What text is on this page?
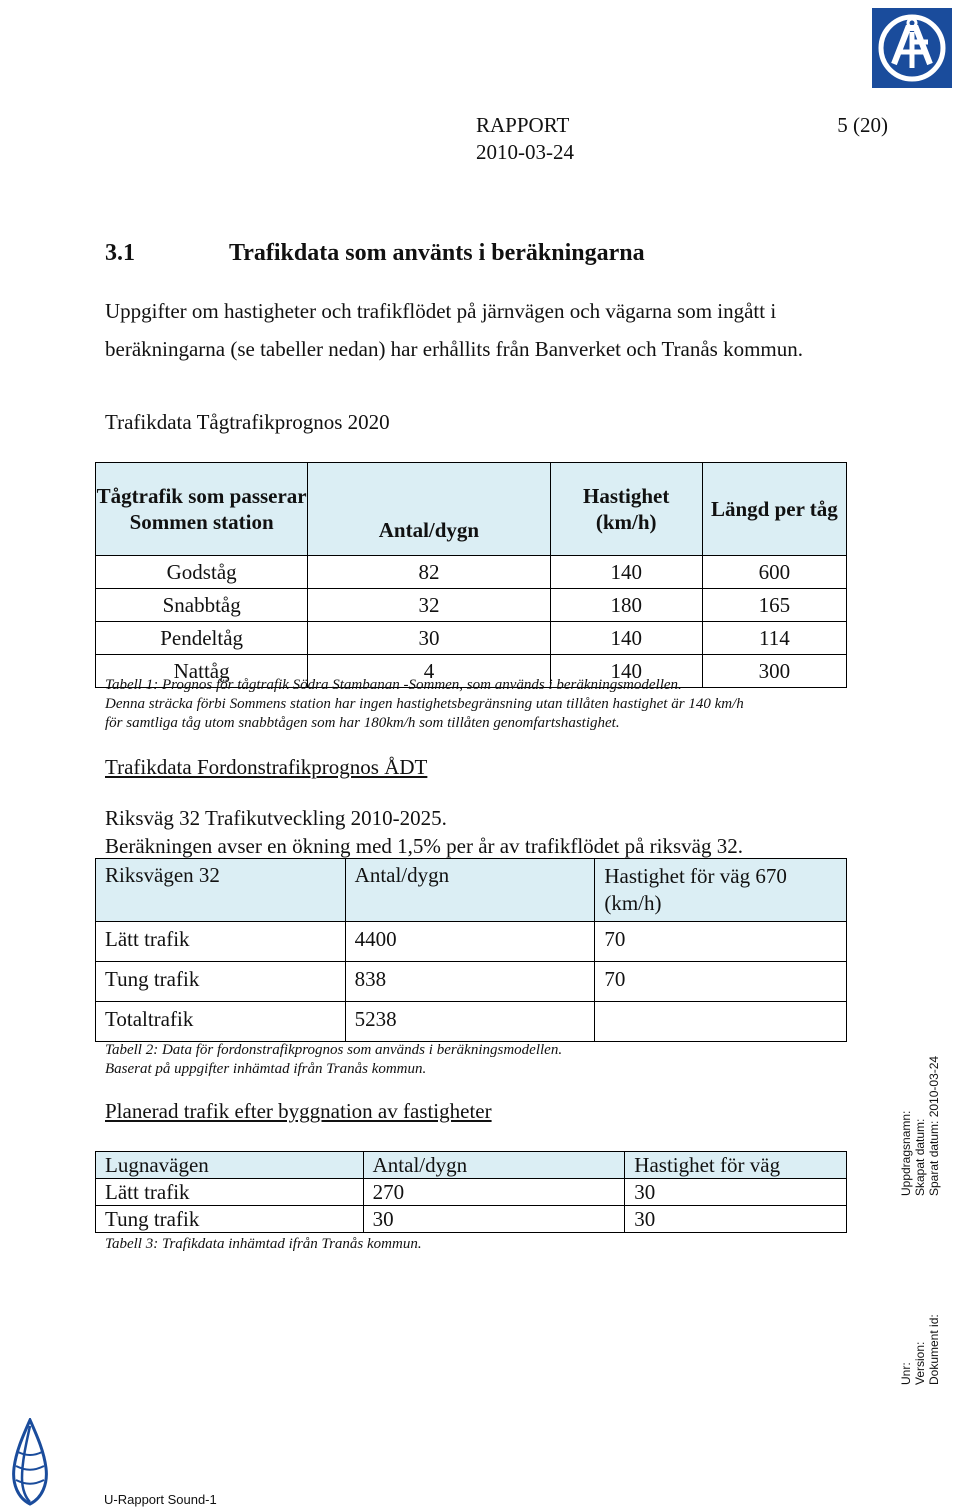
RAPPORT	5 (20)
2010-03-24
3.1	Trafikdata som använts i beräkningarna

Uppgifter om hastigheter och trafikflödet på järnvägen och vägarna som ingått i beräkningarna (se tabeller nedan) har erhållits från Banverket och Tranås kommun.

Trafikdata Tågtrafikprognos 2020
Tågtrafik som passerar Sommen station	Antal/dygn	Hastighet (km/h)	Längd per tåg
Godståg	82	140	600
Snabbtåg	32	180	165
Pendeltåg	30	140	114
Nattåg	4	140	300
Tabell 1: Prognos för tågtrafik Södra Stambanan -Sommen, som används i beräkningsmodellen.
Denna sträcka förbi Sommens station har ingen hastighetsbegränsning utan tillåten hastighet är 140 km/h
för samtliga tåg utom snabbtågen som har 180km/h som tillåten genomfartshastighet.
Trafikdata Fordonstrafikprognos ÅDT
Riksväg 32 Trafikutveckling 2010-2025.
Beräkningen avser en ökning med 1,5% per år av trafikflödet på riksväg 32.
Riksvägen 32	Antal/dygn	Hastighet för väg 670 (km/h)
Lätt trafik	4400	70
Tung trafik	838	70
Totaltrafik	5238	
Tabell 2: Data för fordonstrafikprognos som används i beräkningsmodellen.
Baserat på uppgifter inhämtad ifrån Tranås kommun.
Planerad trafik efter byggnation av fastigheter
Lugnavägen	Antal/dygn	Hastighet för väg
Lätt trafik	270	30
Tung trafik	30	30
Tabell 3: Trafikdata inhämtad ifrån Tranås kommun.
Uppdragsnamn: Skapat datum: Sparat datum: 2010-03-24
Unr: Version: Dokument id:
U-Rapport Sound-1
